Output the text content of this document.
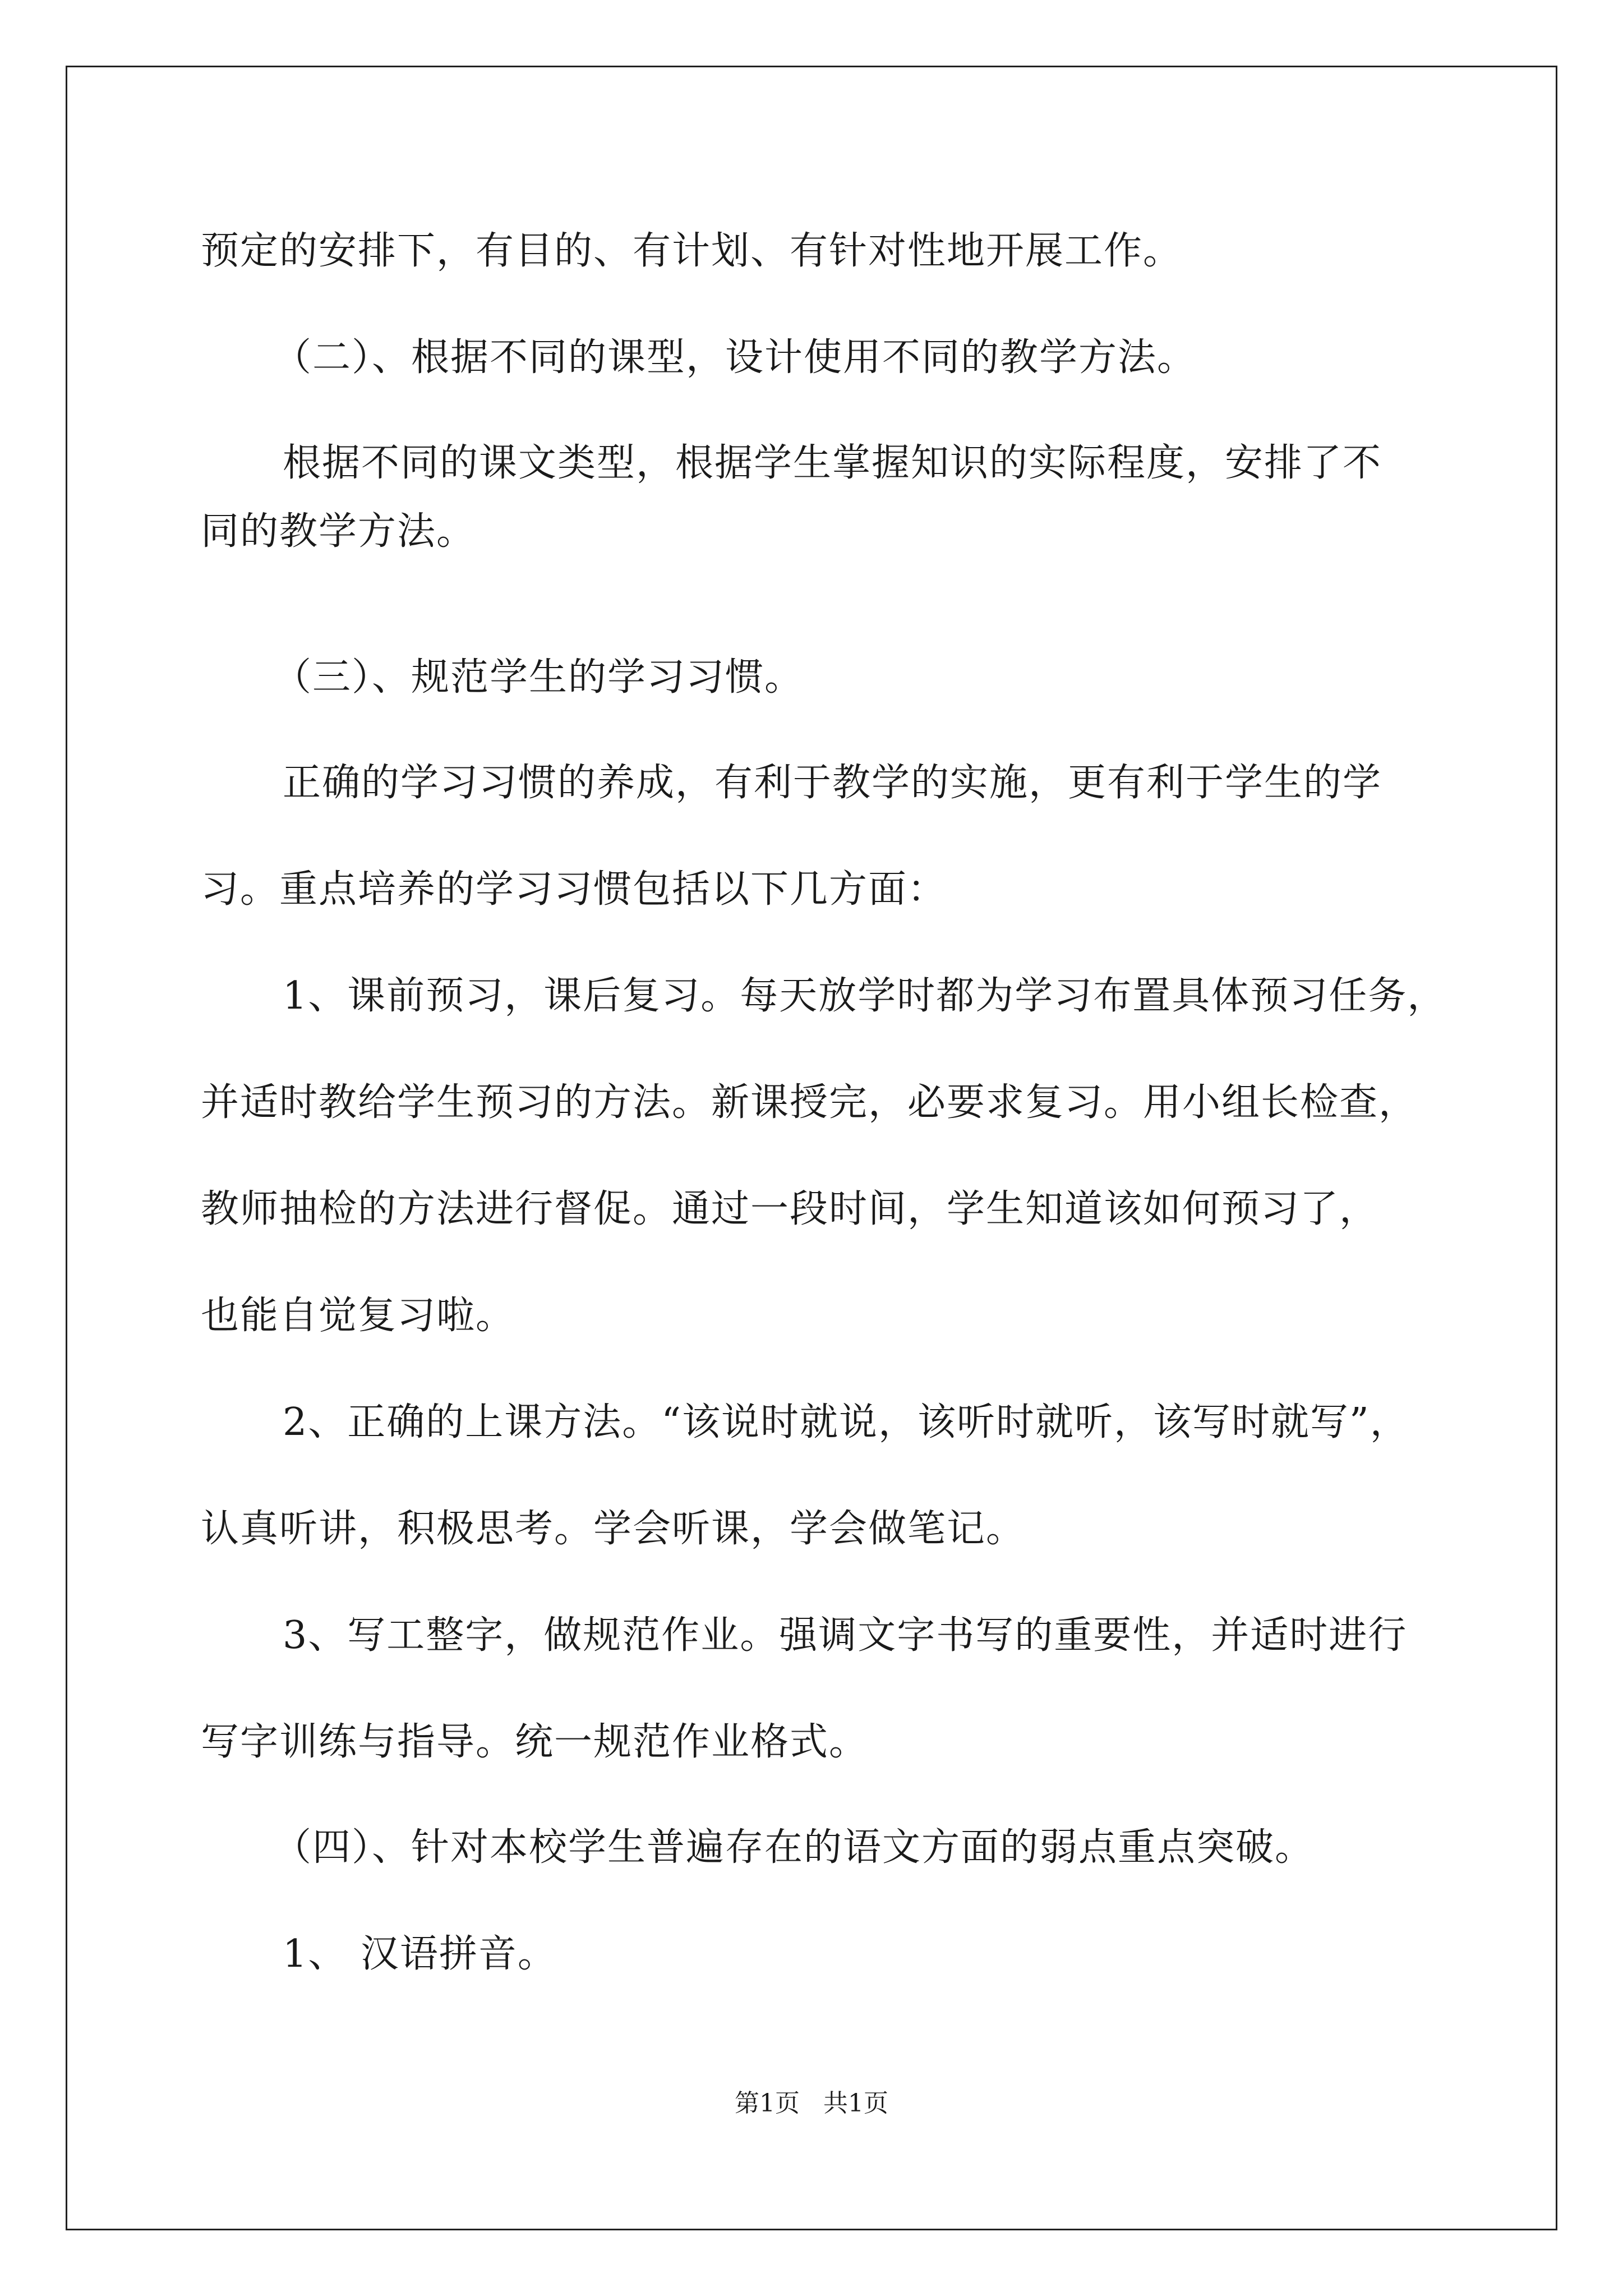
预定的安排下，有目的、有计划、有针对性地开展工作。
（二）、根据不同的课型，设计使用不同的教学方法。
根据不同的课文类型，根据学生掌握知识的实际程度，安排了不
同的教学方法。
（三）、规范学生的学习习惯。
正确的学习习惯的养成，有利于教学的实施，更有利于学生的学
习。重点培养的学习习惯包括以下几方面：
1、课前预习，课后复习。每天放学时都为学习布置具体预习任务，
并适时教给学生预习的方法。新课授完，必要求复习。用小组长检查，
教师抽检的方法进行督促。通过一段时间，学生知道该如何预习了，
也能自觉复习啦。
2、正确的上课方法。“该说时就说，该听时就听，该写时就写”，
认真听讲，积极思考。学会听课，学会做笔记。
3、写工整字，做规范作业。强调文字书写的重要性，并适时进行
写字训练与指导。统一规范作业格式。
（四）、针对本校学生普遍存在的语文方面的弱点重点突破。
1、 汉语拼音。
第1页   共1页
